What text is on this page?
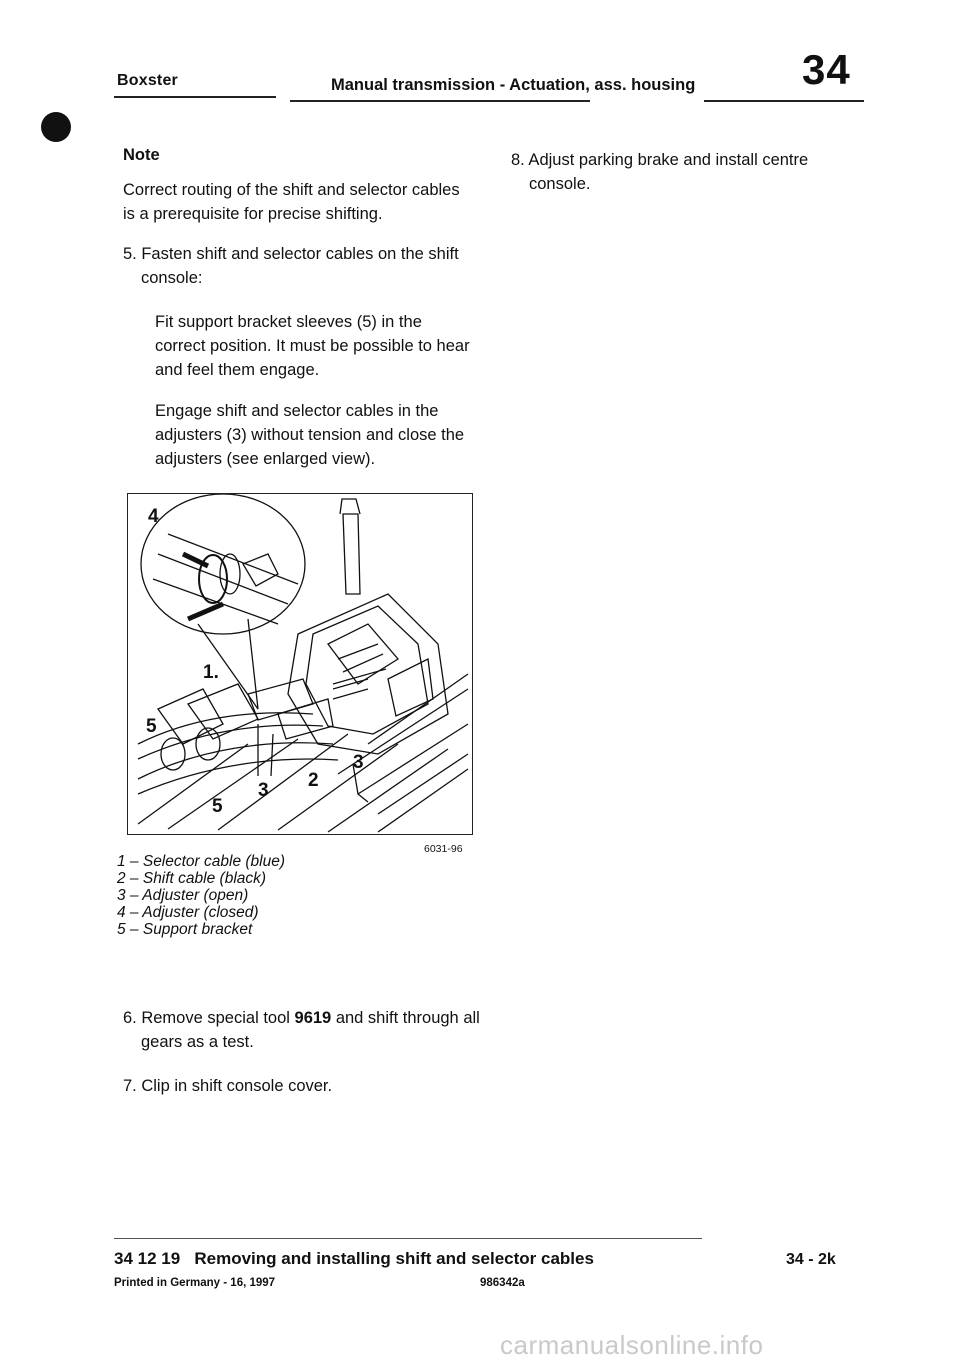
Boxster	Manual transmission - Actuation, ass. housing	34
Note
Correct routing of the shift and selector cables is a prerequisite for precise shifting.
5. Fasten shift and selector cables on the shift console:
Fit support bracket sleeves (5) in the correct position. It must be possible to hear and feel them engage.
Engage shift and selector cables in the adjusters (3) without tension and close the adjusters (see enlarged view).
4
1.
5
3 2
3
5
6031-96
1 – Selector cable (blue)
2 – Shift cable (black)
3 – Adjuster (open)
4 – Adjuster (closed)
5 – Support bracket
6. Remove special tool 9619 and shift through all gears as a test.
7. Clip in shift console cover.
8. Adjust parking brake and install centre console.
34 12 19   Removing and installing shift and selector cables	34 - 2k
Printed in Germany - 16, 1997	986342a
carmanualsonline.info
